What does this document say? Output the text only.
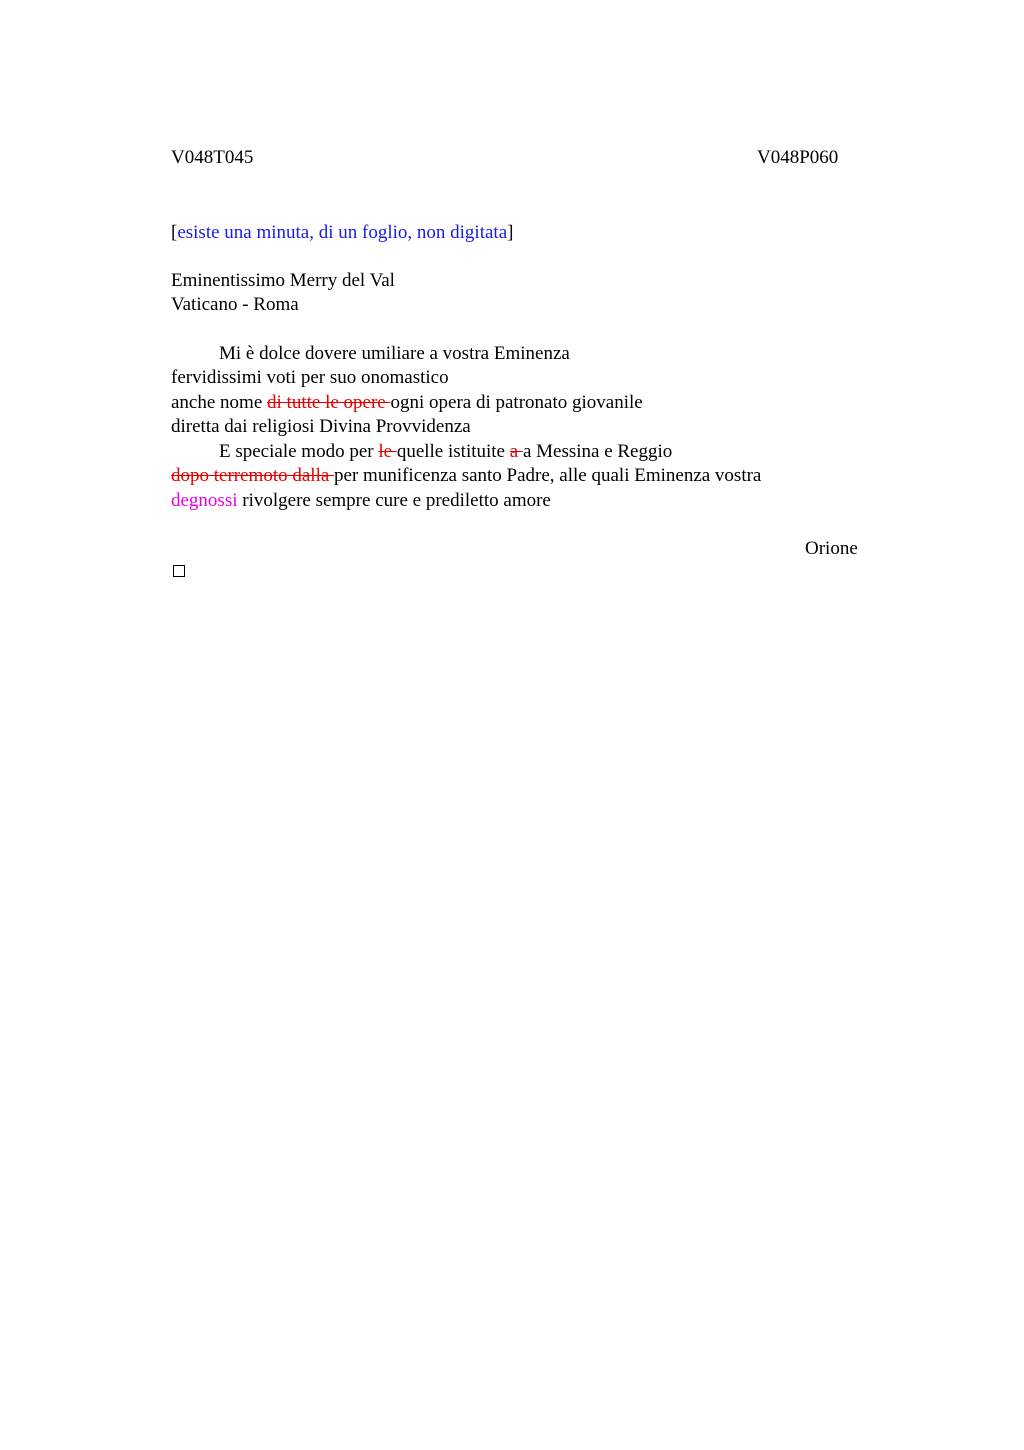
V048T045	V048P060
[esiste una minuta, di un foglio, non digitata]
Eminentissimo Merry del Val
Vaticano - Roma
Mi è dolce dovere umiliare a vostra Eminenza
fervidissimi voti per suo onomastico
anche nome di tutte le opere ogni opera di patronato giovanile
diretta dai religiosi Divina Provvidenza
E speciale modo per le quelle istituite a a Messina e Reggio
dopo terremoto dalla per munificenza santo Padre, alle quali Eminenza vostra
degnossi rivolgere sempre cure e prediletto amore
Orione
